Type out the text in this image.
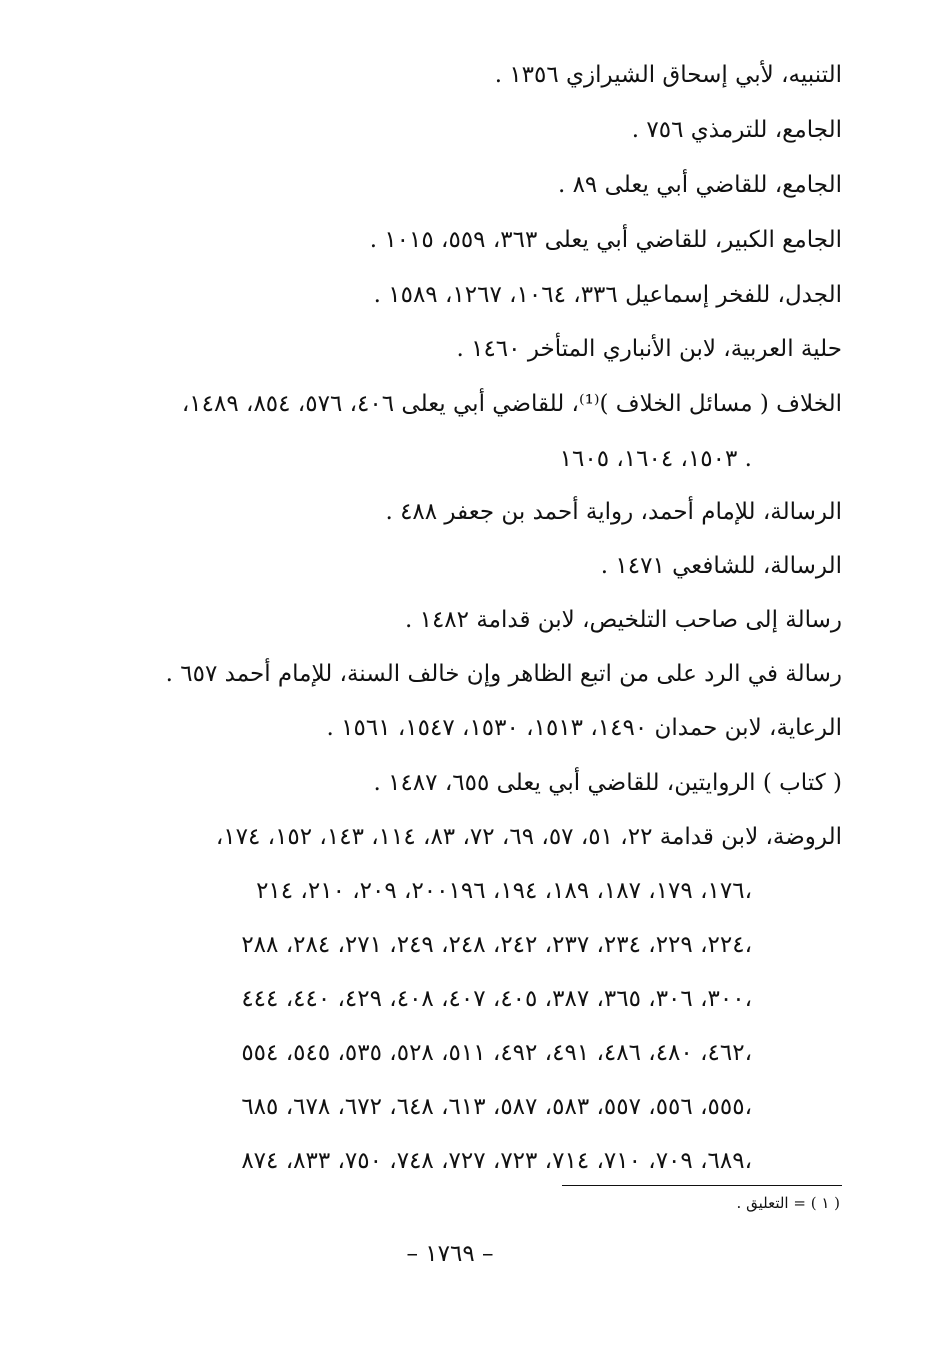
التنبيه، لأبي إسحاق الشيرازي ١٣٥٦ .
الجامع، للترمذي ٧٥٦ .
الجامع، للقاضي أبي يعلى ٨٩ .
الجامع الكبير، للقاضي أبي يعلى ٣٦٣، ٥٥٩، ١٠١٥ .
الجدل، للفخر إسماعيل ٣٣٦، ١٠٦٤، ١٢٦٧، ١٥٨٩ .
حلية العربية، لابن الأنباري المتأخر ١٤٦٠ .
الخلاف ( مسائل الخلاف )⁽¹⁾، للقاضي أبي يعلى ٤٠٦، ٥٧٦، ٨٥٤، ١٤٨٩،
١٥٠٣، ١٦٠٤، ١٦٠٥ .
الرسالة، للإمام أحمد، رواية أحمد بن جعفر ٤٨٨ .
الرسالة، للشافعي ١٤٧١ .
رسالة إلى صاحب التلخيص، لابن قدامة ١٤٨٢ .
رسالة في الرد على من اتبع الظاهر وإن خالف السنة، للإمام أحمد ٦٥٧ .
الرعاية، لابن حمدان ١٤٩٠، ١٥١٣، ١٥٣٠، ١٥٤٧، ١٥٦١ .
( كتاب ) الروايتين، للقاضي أبي يعلى ٦٥٥، ١٤٨٧ .
الروضة، لابن قدامة ٢٢، ٥١، ٥٧، ٦٩، ٧٢، ٨٣، ١١٤، ١٤٣، ١٥٢، ١٧٤،
١٧٦، ١٧٩، ١٨٧، ١٨٩، ١٩٤، ٢٠٠١٩٦، ٢٠٩، ٢١٠، ٢١٤،
٢٢٤، ٢٢٩، ٢٣٤، ٢٣٧، ٢٤٢، ٢٤٨، ٢٤٩، ٢٧١، ٢٨٤، ٢٨٨،
٣٠٠، ٣٠٦، ٣٦٥، ٣٨٧، ٤٠٥، ٤٠٧، ٤٠٨، ٤٢٩، ٤٤٠، ٤٤٤،
٤٦٢، ٤٨٠، ٤٨٦، ٤٩١، ٤٩٢، ٥١١، ٥٢٨، ٥٣٥، ٥٤٥، ٥٥٤،
٥٥٥، ٥٥٦، ٥٥٧، ٥٨٣، ٥٨٧، ٦١٣، ٦٤٨، ٦٧٢، ٦٧٨، ٦٨٥،
٦٨٩، ٧٠٩، ٧١٠، ٧١٤، ٧٢٣، ٧٢٧، ٧٤٨، ٧٥٠، ٨٣٣، ٨٧٤،
( ١ ) = التعليق .
– ١٧٦٩ –
